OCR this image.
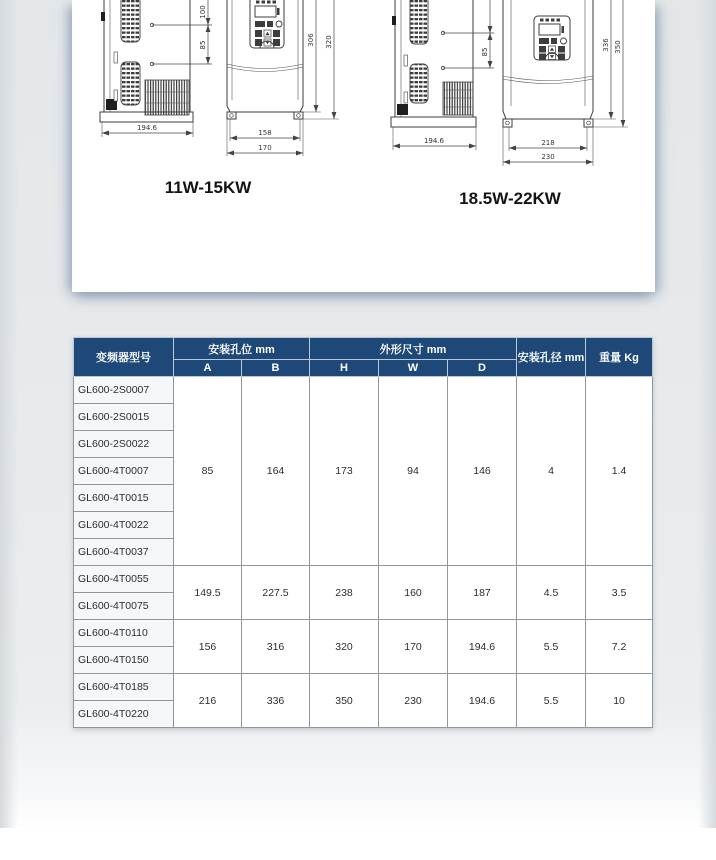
100
85
194.6
158
170
306 320
11W-15KW
85
194.6	218
230
336 350
18.5W-22KW
变频器型号	安装孔位 mm		外形尺寸 mm			安装孔径 mm	重量 Kg
	A	B	H	W	D		
GL600-2S0007	85	164	173	94	146	4	1.4
GL600-2S0015							
GL600-2S0022							
GL600-4T0007							
GL600-4T0015							
GL600-4T0022							
GL600-4T0037							
GL600-4T0055	149.5	227.5	238	160	187	4.5	3.5
GL600-4T0075							
GL600-4T0110	156	316	320	170	194.6	5.5	7.2
GL600-4T0150							
GL600-4T0185	216	336	350	230	194.6	5.5	10
GL600-4T0220							
